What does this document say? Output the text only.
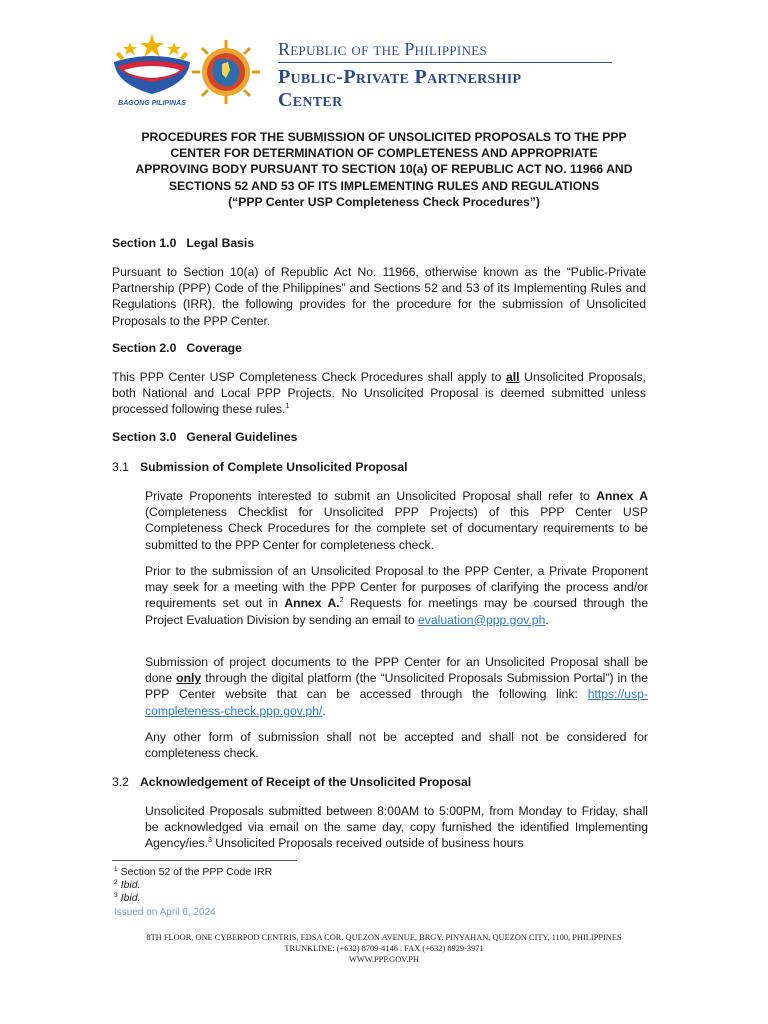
BAGONG PILIPINAS
Republic of the Philippines
Public-Private Partnership
Center
PROCEDURES FOR THE SUBMISSION OF UNSOLICITED PROPOSALS TO THE PPP
CENTER FOR DETERMINATION OF COMPLETENESS AND APPROPRIATE
APPROVING BODY PURSUANT TO SECTION 10(a) OF REPUBLIC ACT NO. 11966 AND
SECTIONS 52 AND 53 OF ITS IMPLEMENTING RULES AND REGULATIONS
(“PPP Center USP Completeness Check Procedures”)
Section 1.0 Legal Basis
Pursuant to Section 10(a) of Republic Act No. 11966, otherwise known as the “Public-Private Partnership (PPP) Code of the Philippines” and Sections 52 and 53 of its Implementing Rules and Regulations (IRR), the following provides for the procedure for the submission of Unsolicited Proposals to the PPP Center.
Section 2.0 Coverage
This PPP Center USP Completeness Check Procedures shall apply to all Unsolicited Proposals, both National and Local PPP Projects. No Unsolicited Proposal is deemed submitted unless processed following these rules.$^1$
Section 3.0 General Guidelines
3.1 Submission of Complete Unsolicited Proposal
Private Proponents interested to submit an Unsolicited Proposal shall refer to Annex A (Completeness Checklist for Unsolicited PPP Projects) of this PPP Center USP Completeness Check Procedures for the complete set of documentary requirements to be submitted to the PPP Center for completeness check.
Prior to the submission of an Unsolicited Proposal to the PPP Center, a Private Proponent may seek for a meeting with the PPP Center for purposes of clarifying the process and/or requirements set out in Annex A.$^2$ Requests for meetings may be coursed through the Project Evaluation Division by sending an email to evaluation@ppp.gov.ph.
Submission of project documents to the PPP Center for an Unsolicited Proposal shall be done only through the digital platform (the “Unsolicited Proposals Submission Portal”) in the PPP Center website that can be accessed through the following link: https://usp-completeness-check.ppp.gov.ph/.
Any other form of submission shall not be accepted and shall not be considered for completeness check.
3.2 Acknowledgement of Receipt of the Unsolicited Proposal
Unsolicited Proposals submitted between 8:00AM to 5:00PM, from Monday to Friday, shall be acknowledged via email on the same day, copy furnished the identified Implementing Agency/ies.$^3$ Unsolicited Proposals received outside of business hours
$^1$ Section 52 of the PPP Code IRR
$^2$ Ibid.
$^3$ Ibid.
Issued on April 6, 2024
8TH FLOOR, ONE CYBERPOD CENTRIS, EDSA COR. QUEZON AVENUE, BRGY. PINYAHAN, QUEZON CITY, 1100, PHILIPPINES
TRUNKLINE: (+632) 8709-4146 . FAX (+632) 8929-3971
WWW.PPP.GOV.PH
